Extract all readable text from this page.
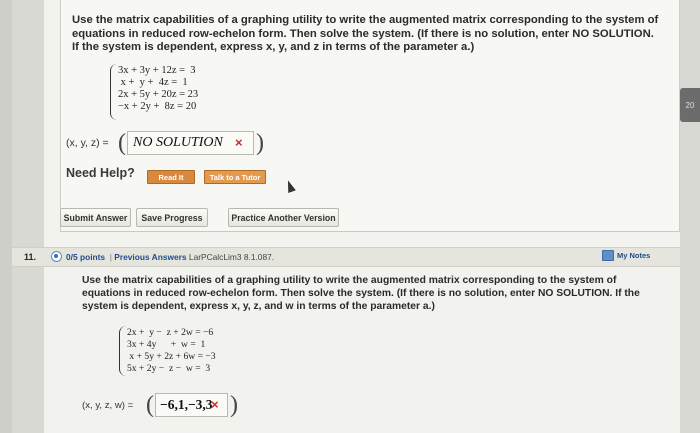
Use the matrix capabilities of a graphing utility to write the augmented matrix corresponding to the system of equations in reduced row-echelon form. Then solve the system. (If there is no solution, enter NO SOLUTION. If the system is dependent, express x, y, and z in terms of the parameter a.)
3x + 3y + 12z =  3
x +  y +  4z =  1
2x + 5y + 20z = 23
−x + 2y +  8z = 20
(x, y, z) = ( NO SOLUTION × )
Need Help?	Read It	Talk to a Tutor
Submit Answer	Save Progress	Practice Another Version
11.	0/5 points | Previous Answers LarPCalcLim3 8.1.087.	My Notes
Use the matrix capabilities of a graphing utility to write the augmented matrix corresponding to the system of equations in reduced row-echelon form. Then solve the system. (If there is no solution, enter NO SOLUTION. If the system is dependent, express x, y, z, and w in terms of the parameter a.)
2x +  y −  z + 2w = −6
3x + 4y      +  w =  1
x + 5y + 2z + 6w = −3
5x + 2y −  z −  w =  3
(x, y, z, w) = ( −6,1,−3,3
× )
20
